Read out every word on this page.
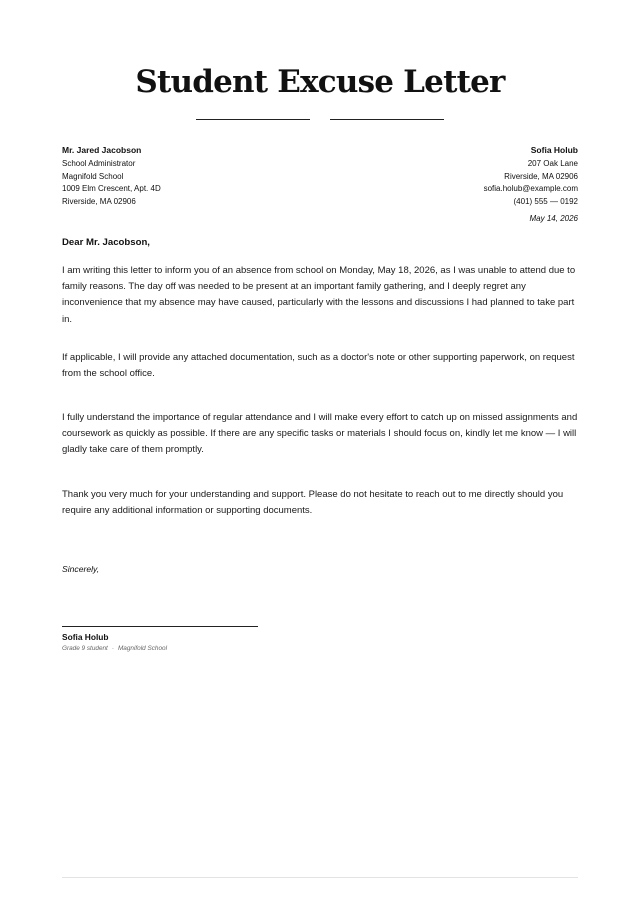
Student Excuse Letter
Mr. Jared Jacobson
School Administrator
Magnifold School
1009 Elm Crescent, Apt. 4D
Riverside, MA 02906
Sofia Holub
207 Oak Lane
Riverside, MA 02906
sofia.holub@example.com
(401) 555 — 0192
May 14, 2026
Dear Mr. Jacobson,
I am writing this letter to inform you of an absence from school on Monday, May 18, 2026, as I was unable to attend due to family reasons. The day off was needed to be present at an important family gathering, and I deeply regret any inconvenience that my absence may have caused, particularly with the lessons and discussions I had planned to take part in.
If applicable, I will provide any attached documentation, such as a doctor's note or other supporting paperwork, on request from the school office.
I fully understand the importance of regular attendance and I will make every effort to catch up on missed assignments and coursework as quickly as possible. If there are any specific tasks or materials I should focus on, kindly let me know — I will gladly take care of them promptly.
Thank you very much for your understanding and support. Please do not hesitate to reach out to me directly should you require any additional information or supporting documents.
Sincerely,
Sofia Holub
Grade 9 student · Magnifold School
